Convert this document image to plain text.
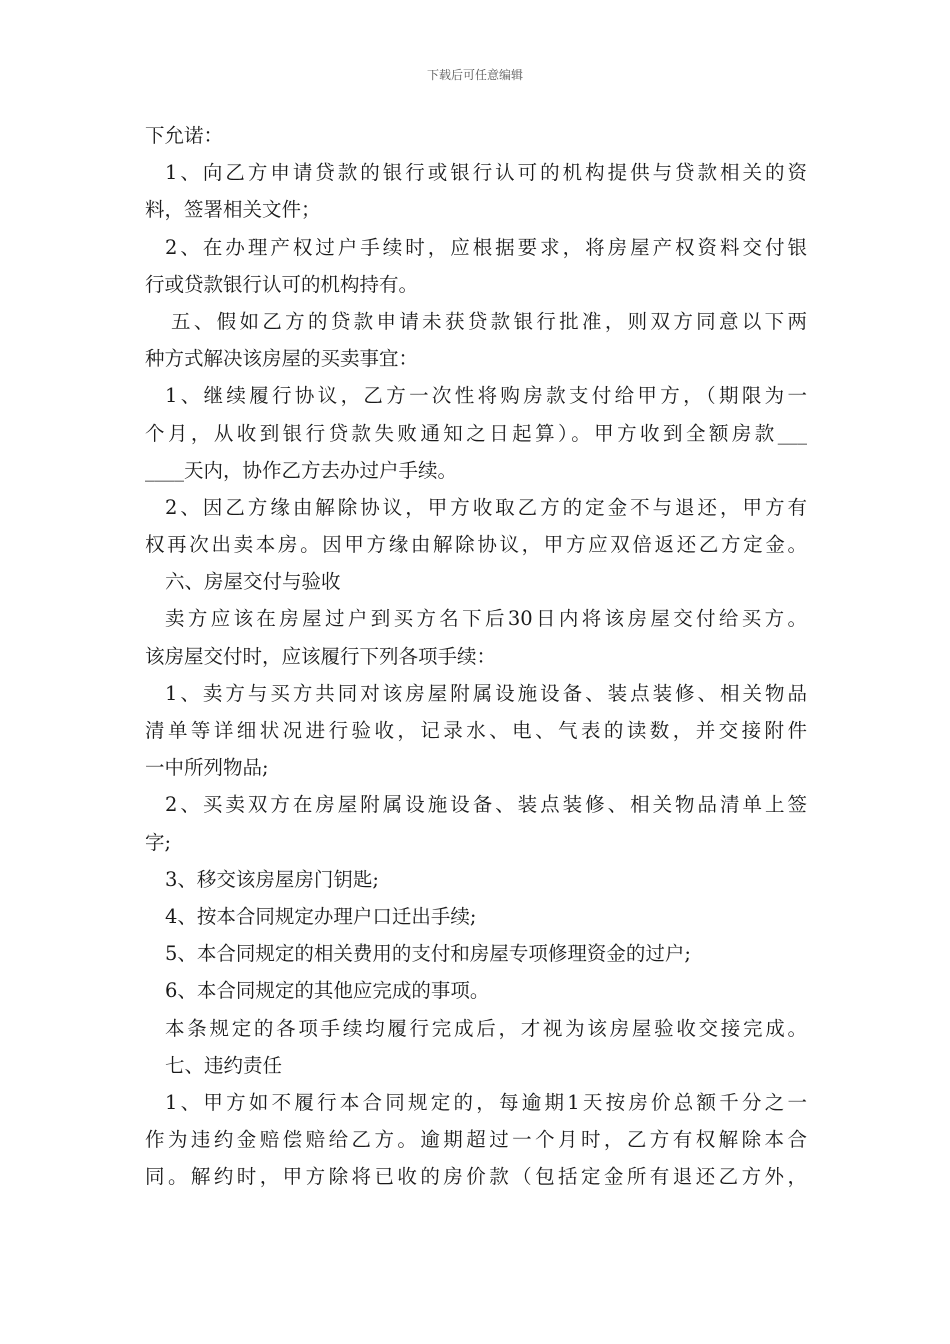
下载后可任意编辑
下允诺：
1、向乙方申请贷款的银行或银行认可的机构提供与贷款相关的资
料，签署相关文件；
2、在办理产权过户手续时，应根据要求，将房屋产权资料交付银
行或贷款银行认可的机构持有。
五、假如乙方的贷款申请未获贷款银行批准，则双方同意以下两
种方式解决该房屋的买卖事宜：
1、继续履行协议，乙方一次性将购房款支付给甲方，（期限为一
个月，从收到银行贷款失败通知之日起算）。甲方收到全额房款___
____天内，协作乙方去办过户手续。
2、因乙方缘由解除协议，甲方收取乙方的定金不与退还，甲方有
权再次出卖本房。因甲方缘由解除协议，甲方应双倍返还乙方定金。
六、房屋交付与验收
卖方应该在房屋过户到买方名下后30日内将该房屋交付给买方。
该房屋交付时，应该履行下列各项手续：
1、卖方与买方共同对该房屋附属设施设备、装点装修、相关物品
清单等详细状况进行验收，记录水、电、气表的读数，并交接附件
一中所列物品;
2、买卖双方在房屋附属设施设备、装点装修、相关物品清单上签
字;
3、移交该房屋房门钥匙;
4、按本合同规定办理户口迁出手续;
5、本合同规定的相关费用的支付和房屋专项修理资金的过户;
6、本合同规定的其他应完成的事项。
本条规定的各项手续均履行完成后，才视为该房屋验收交接完成。
七、违约责任
1、甲方如不履行本合同规定的，每逾期1天按房价总额千分之一
作为违约金赔偿赔给乙方。逾期超过一个月时，乙方有权解除本合
同。解约时，甲方除将已收的房价款（包括定金所有退还乙方外，
